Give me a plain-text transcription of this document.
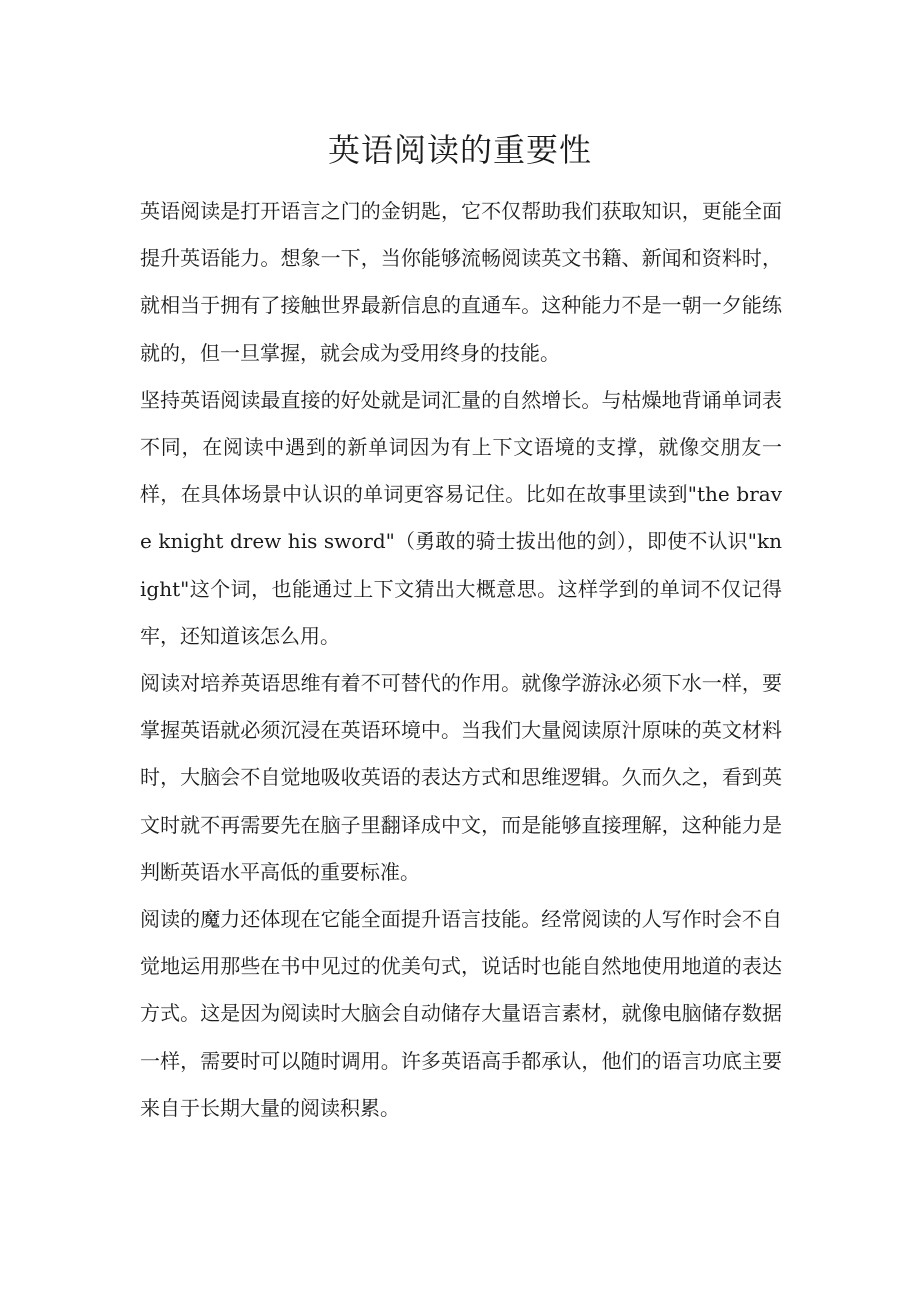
英语阅读的重要性

英语阅读是打开语言之门的金钥匙，它不仅帮助我们获取知识，更能全面提升英语能力。想象一下，当你能够流畅阅读英文书籍、新闻和资料时，就相当于拥有了接触世界最新信息的直通车。这种能力不是一朝一夕能练就的，但一旦掌握，就会成为受用终身的技能。

坚持英语阅读最直接的好处就是词汇量的自然增长。与枯燥地背诵单词表不同，在阅读中遇到的新单词因为有上下文语境的支撑，就像交朋友一样，在具体场景中认识的单词更容易记住。比如在故事里读到"the brave knight drew his sword"（勇敢的骑士拔出他的剑），即使不认识"knight"这个词，也能通过上下文猜出大概意思。这样学到的单词不仅记得牢，还知道该怎么用。

阅读对培养英语思维有着不可替代的作用。就像学游泳必须下水一样，要掌握英语就必须沉浸在英语环境中。当我们大量阅读原汁原味的英文材料时，大脑会不自觉地吸收英语的表达方式和思维逻辑。久而久之，看到英文时就不再需要先在脑子里翻译成中文，而是能够直接理解，这种能力是判断英语水平高低的重要标准。

阅读的魔力还体现在它能全面提升语言技能。经常阅读的人写作时会不自觉地运用那些在书中见过的优美句式，说话时也能自然地使用地道的表达方式。这是因为阅读时大脑会自动储存大量语言素材，就像电脑储存数据一样，需要时可以随时调用。许多英语高手都承认，他们的语言功底主要来自于长期大量的阅读积累。
